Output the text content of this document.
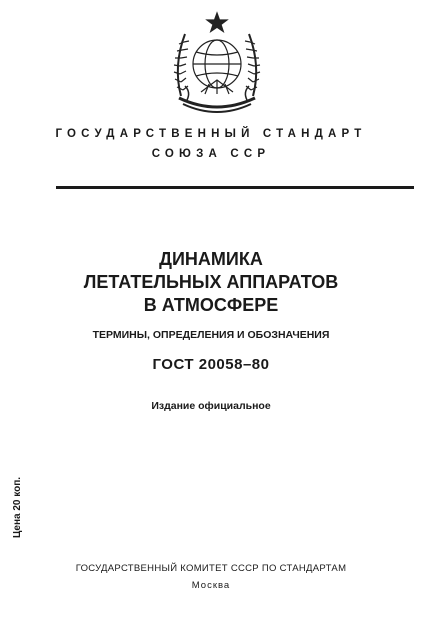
ГОСУДАРСТВЕННЫЙ СТАНДАРТ
СОЮЗА ССР
ДИНАМИКА
ЛЕТАТЕЛЬНЫХ АППАРАТОВ
В АТМОСФЕРЕ
ТЕРМИНЫ, ОПРЕДЕЛЕНИЯ И ОБОЗНАЧЕНИЯ
ГОСТ 20058–80
Издание официальное
Цена 20 коп.
ГОСУДАРСТВЕННЫЙ КОМИТЕТ СССР ПО СТАНДАРТАМ
Москва
